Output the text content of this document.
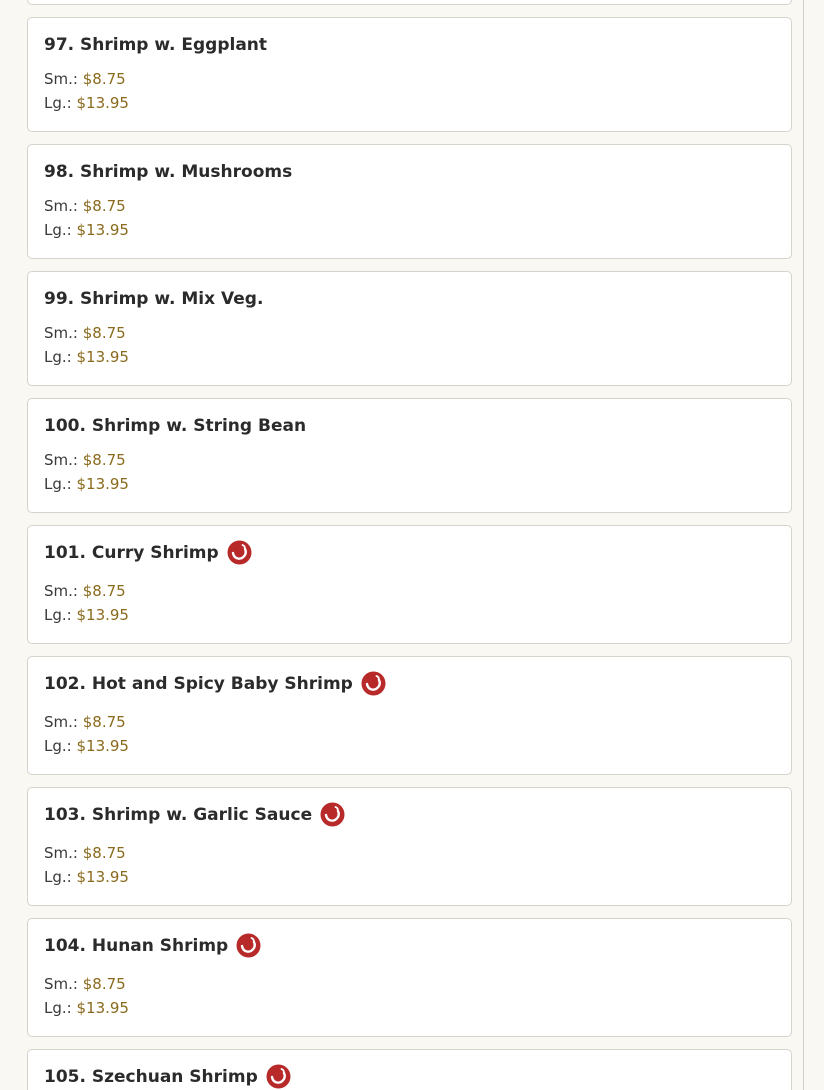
97. Shrimp w. Eggplant
Sm.: $8.75
Lg.: $13.95
98. Shrimp w. Mushrooms
Sm.: $8.75
Lg.: $13.95
99. Shrimp w. Mix Veg.
Sm.: $8.75
Lg.: $13.95
100. Shrimp w. String Bean
Sm.: $8.75
Lg.: $13.95
101. Curry Shrimp
Sm.: $8.75
Lg.: $13.95
102. Hot and Spicy Baby Shrimp
Sm.: $8.75
Lg.: $13.95
103. Shrimp w. Garlic Sauce
Sm.: $8.75
Lg.: $13.95
104. Hunan Shrimp
Sm.: $8.75
Lg.: $13.95
105. Szechuan Shrimp
